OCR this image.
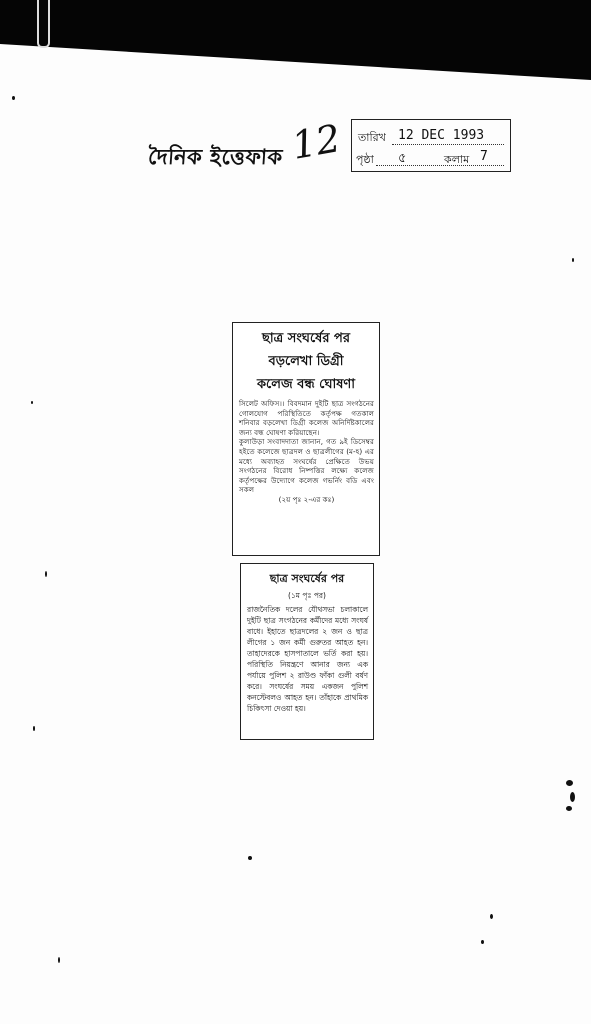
দৈনিক ইত্তেফাক 12 তারিখ 12 DEC 1993
পৃষ্ঠা ৫	কলাম 7
ছাত্র সংঘর্ষের পর
বড়লেখা ডিগ্রী
কলেজ বন্ধ ঘোষণা

সিলেট অফিস।। বিবদমান দুইটি ছাত্র সংগঠনের গোলযোগ পরিস্থিতিতে কর্তৃপক্ষ গতকাল শনিবার বড়লেখা ডিগ্রী কলেজ অনির্দিষ্টকালের জন্য বন্ধ ঘোষণা করিয়াছেন।

কুলাউড়া সংবাদদাতা জানান, গত ৯ই ডিসেম্বর হইতে কলেজে ছাত্রদল ও ছাত্রলীগের (ম-হ) এর মধ্যে অব্যাহত সংঘর্ষের প্রেক্ষিতে উভয় সংগঠনের বিরোধ নিষ্পত্তির লক্ষ্যে কলেজ কর্তৃপক্ষের উদ্যোগে কলেজ গভর্নিং বডি এবং সকল

(২য় পৃঃ ২-এর কঃ)

ছাত্র সংঘর্ষের পর
(১ম পৃঃ পর)
রাজনৈতিক দলের যৌথসভা চলাকালে দুইটি ছাত্র সংগঠনের কর্মীদের মধ্যে সংঘর্ষ বাধে। ইহাতে ছাত্রদলের ২ জন ও ছাত্র লীগের ১ জন কর্মী গুরুতর আহত হন। তাহাদেরকে হাসপাতালে ভর্তি করা হয়। পরিস্থিতি নিয়ন্ত্রণে আনার জন্য এক পর্যায়ে পুলিশ ২ রাউণ্ড ফাঁকা গুলী বর্ষণ করে। সংঘর্ষের সময় একজন পুলিশ কনস্টেবলও আহত হন। তাঁহাকে প্রাথমিক চিকিৎসা দেওয়া হয়।
